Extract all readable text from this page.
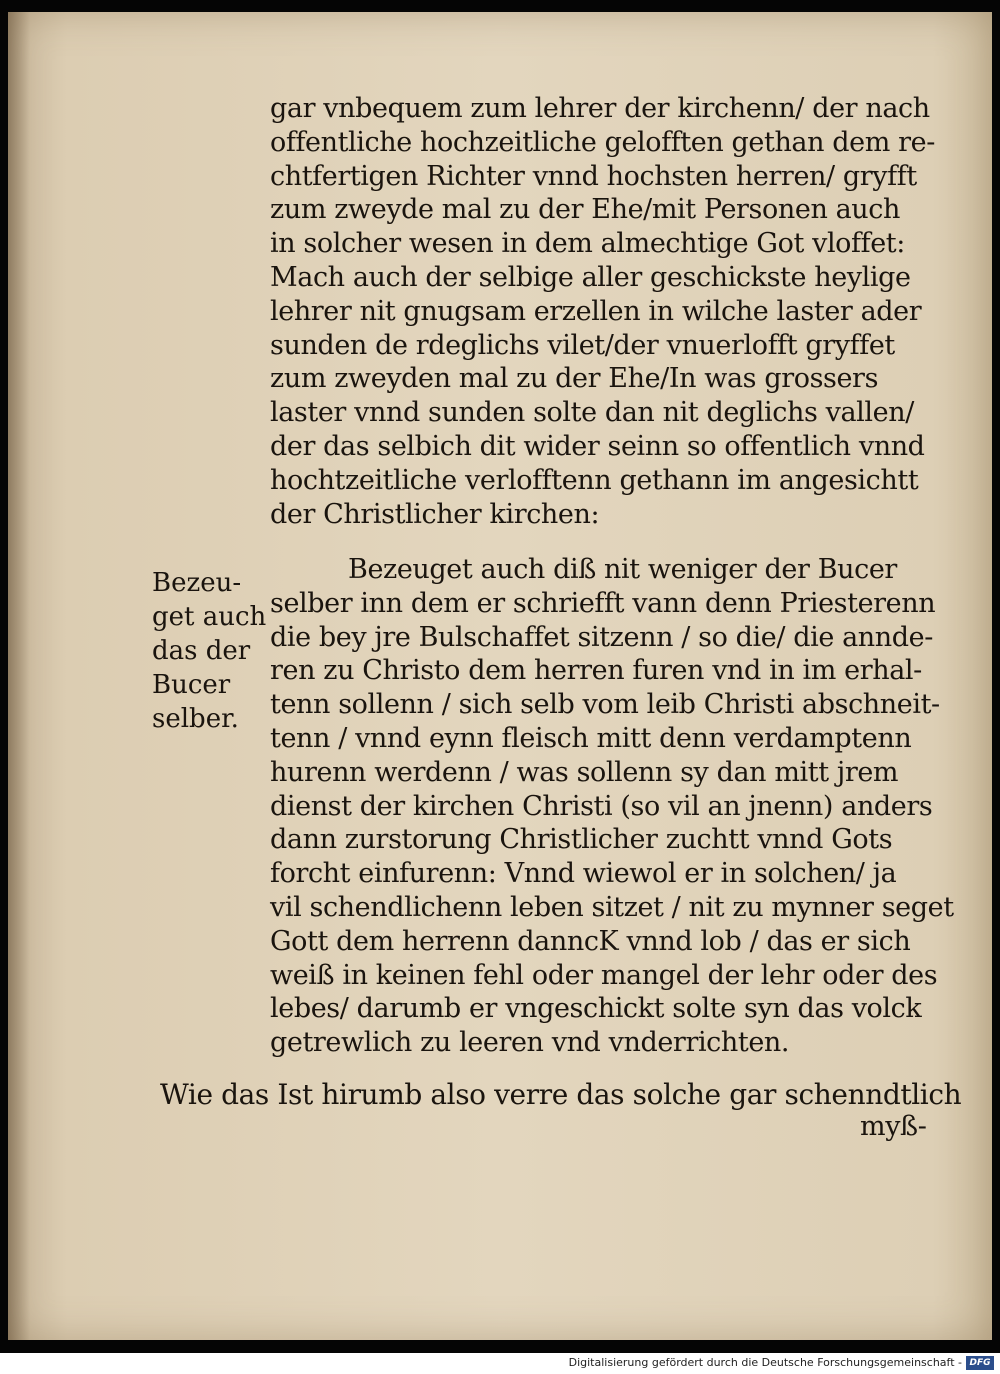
gar vnbequem zum lehrer der kirchenn/ der nach
offentliche hochzeitliche gelofften gethan dem re-
chtfertigen Richter vnnd hochsten herren/ gryfft
zum zweyde mal zu der Ehe/mit Personen auch
in solcher wesen in dem almechtige Got vloffet:
Mach auch der selbige aller geschickste heylige
lehrer nit gnugsam erzellen in wilche laster ader
sunden de rdeglichs vilet/der vnuerlofft gryffet
zum zweyden mal zu der Ehe/In was grossers
laster vnnd sunden solte dan nit deglichs vallen/
der das selbich dit wider seinn so offentlich vnnd
hochtzeitliche verlofftenn gethann im angesichtt
der Christlicher kirchen:
Bezeu-
get auch
das der
Bucer
selber.
Bezeuget auch diß nit weniger der Bucer
selber inn dem er schriefft vann denn Priesterenn
die bey jre Bulschaffet sitzenn / so die/ die annde-
ren zu Christo dem herren furen vnd in im erhal-
tenn sollenn / sich selb vom leib Christi abschneit-
tenn / vnnd eynn fleisch mitt denn verdamptenn
hurenn werdenn / was sollenn sy dan mitt jrem
dienst der kirchen Christi (so vil an jnenn) anders
dann zurstorung Christlicher zuchtt vnnd Gots
forcht einfurenn: Vnnd wiewol er in solchen/ ja
vil schendlichenn leben sitzet / nit zu mynner seget
Gott dem herrenn danncK vnnd lob / das er sich
weiß in keinen fehl oder mangel der lehr oder des
lebes/ darumb er vngeschickt solte syn das volck
getrewlich zu leeren vnd vnderrichten.
Wie das Ist hirumb also verre das solche gar schenndtlich
myß-
Digitalisierung gefördert durch die Deutsche Forschungsgemeinschaft - DFG
